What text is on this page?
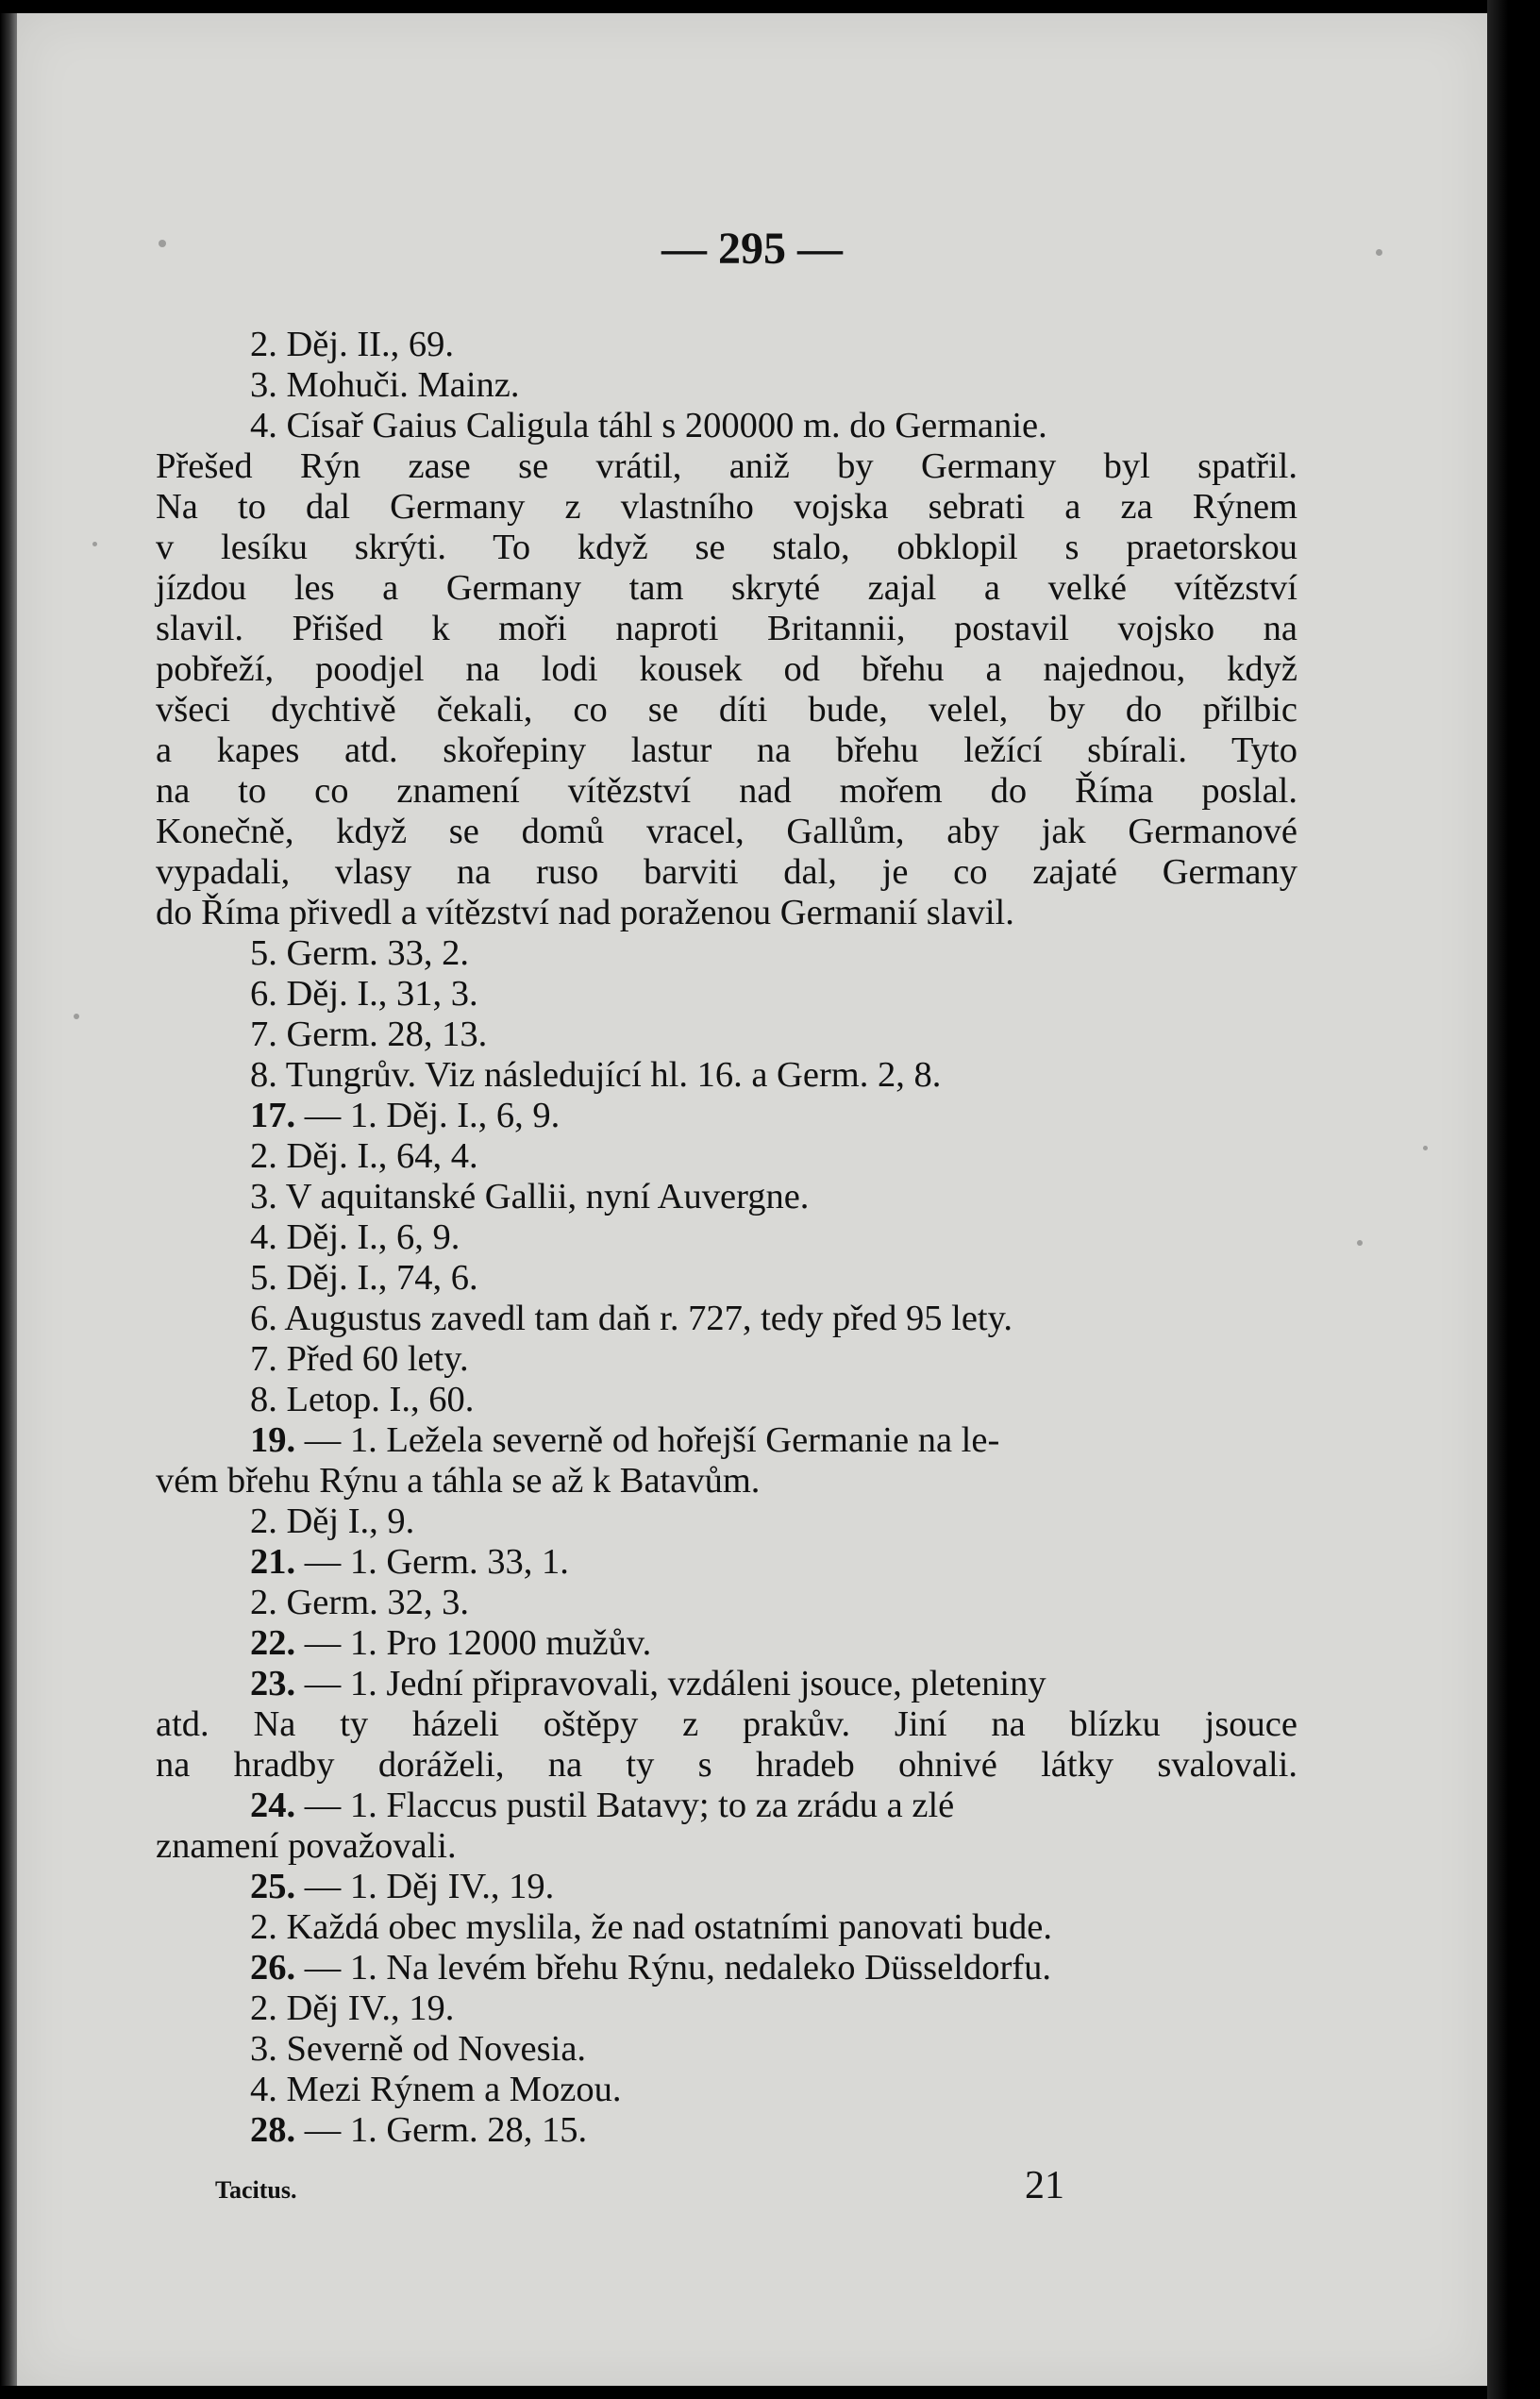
— 295 —
2. Děj. II., 69.
3. Mohuči. Mainz.
4. Císař Gaius Caligula táhl s 200000 m. do Germanie.
Přešed Rýn zase se vrátil, aniž by Germany byl spatřil.
Na to dal Germany z vlastního vojska sebrati a za Rýnem
v lesíku skrýti. To když se stalo, obklopil s praetorskou
jízdou les a Germany tam skryté zajal a velké vítězství
slavil. Přišed k moři naproti Britannii, postavil vojsko na
pobřeží, poodjel na lodi kousek od břehu a najednou, když
všeci dychtivě čekali, co se díti bude, velel, by do přilbic
a kapes atd. skořepiny lastur na břehu ležící sbírali. Tyto
na to co znamení vítězství nad mořem do Říma poslal.
Konečně, když se domů vracel, Gallům, aby jak Germanové
vypadali, vlasy na ruso barviti dal, je co zajaté Germany
do Říma přivedl a vítězství nad poraženou Germanií slavil.
5. Germ. 33, 2.
6. Děj. I., 31, 3.
7. Germ. 28, 13.
8. Tungrův. Viz následující hl. 16. a Germ. 2, 8.
17. — 1. Děj. I., 6, 9.
2. Děj. I., 64, 4.
3. V aquitanské Gallii, nyní Auvergne.
4. Děj. I., 6, 9.
5. Děj. I., 74, 6.
6. Augustus zavedl tam daň r. 727, tedy před 95 lety.
7. Před 60 lety.
8. Letop. I., 60.
19. — 1. Ležela severně od hořejší Germanie na le-
vém břehu Rýnu a táhla se až k Batavům.
2. Děj I., 9.
21. — 1. Germ. 33, 1.
2. Germ. 32, 3.
22. — 1. Pro 12000 mužův.
23. — 1. Jední připravovali, vzdáleni jsouce, pleteniny
atd. Na ty házeli oštěpy z prakův. Jiní na blízku jsouce
na hradby doráželi, na ty s hradeb ohnivé látky svalovali.
24. — 1. Flaccus pustil Batavy; to za zrádu a zlé
znamení považovali.
25. — 1. Děj IV., 19.
2. Každá obec myslila, že nad ostatními panovati bude.
26. — 1. Na levém břehu Rýnu, nedaleko Düsseldorfu.
2. Děj IV., 19.
3. Severně od Novesia.
4. Mezi Rýnem a Mozou.
28. — 1. Germ. 28, 15.
Tacitus.	21
